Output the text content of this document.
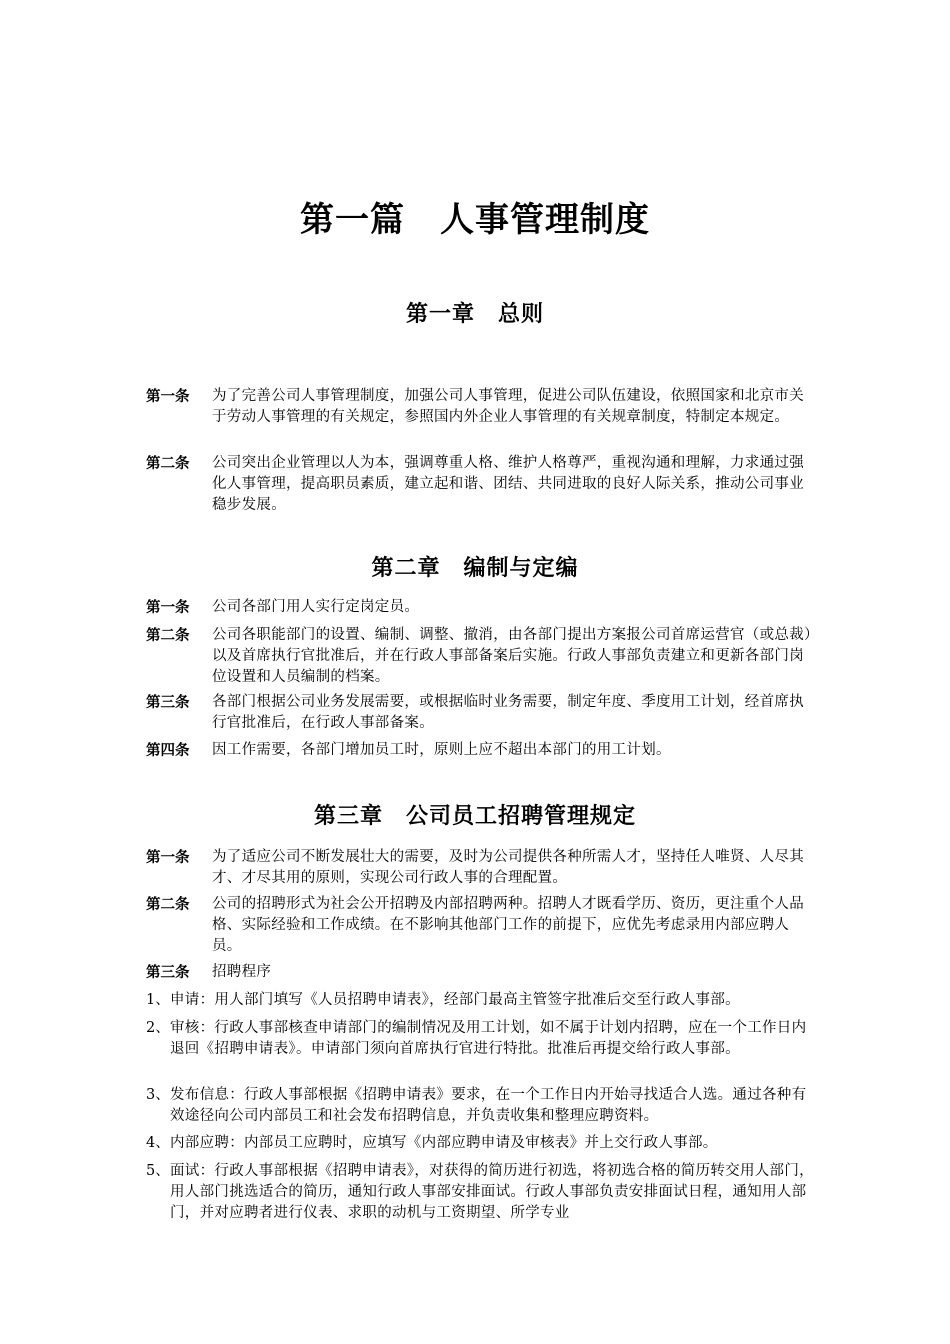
第一篇　人事管理制度
第一章　总则
第一条	为了完善公司人事管理制度，加强公司人事管理，促进公司队伍建设，依照国家和北京市关于劳动人事管理的有关规定，参照国内外企业人事管理的有关规章制度，特制定本规定。
第二条	公司突出企业管理以人为本，强调尊重人格、维护人格尊严，重视沟通和理解，力求通过强化人事管理，提高职员素质，建立起和谐、团结、共同进取的良好人际关系，推动公司事业稳步发展。
第二章　编制与定编
第一条	公司各部门用人实行定岗定员。
第二条	公司各职能部门的设置、编制、调整、撤消，由各部门提出方案报公司首席运营官（或总裁）以及首席执行官批准后，并在行政人事部备案后实施。行政人事部负责建立和更新各部门岗位设置和人员编制的档案。
第三条	各部门根据公司业务发展需要，或根据临时业务需要，制定年度、季度用工计划，经首席执行官批准后，在行政人事部备案。
第四条	因工作需要，各部门增加员工时，原则上应不超出本部门的用工计划。
第三章　公司员工招聘管理规定
第一条	为了适应公司不断发展壮大的需要，及时为公司提供各种所需人才，坚持任人唯贤、人尽其才、才尽其用的原则，实现公司行政人事的合理配置。
第二条	公司的招聘形式为社会公开招聘及内部招聘两种。招聘人才既看学历、资历，更注重个人品格、实际经验和工作成绩。在不影响其他部门工作的前提下，应优先考虑录用内部应聘人员。
第三条	招聘程序
1、 申请：用人部门填写《人员招聘申请表》，经部门最高主管签字批准后交至行政人事部。
2、 审核：行政人事部核查申请部门的编制情况及用工计划，如不属于计划内招聘，应在一个工作日内退回《招聘申请表》。申请部门须向首席执行官进行特批。批准后再提交给行政人事部。
3、 发布信息：行政人事部根据《招聘申请表》要求，在一个工作日内开始寻找适合人选。通过各种有效途径向公司内部员工和社会发布招聘信息，并负责收集和整理应聘资料。
4、 内部应聘：内部员工应聘时，应填写《内部应聘申请及审核表》并上交行政人事部。
5、 面试：行政人事部根据《招聘申请表》，对获得的简历进行初选，将初选合格的简历转交用人部门，用人部门挑选适合的简历，通知行政人事部安排面试。行政人事部负责安排面试日程，通知用人部门，并对应聘者进行仪表、求职的动机与工资期望、所学专业
